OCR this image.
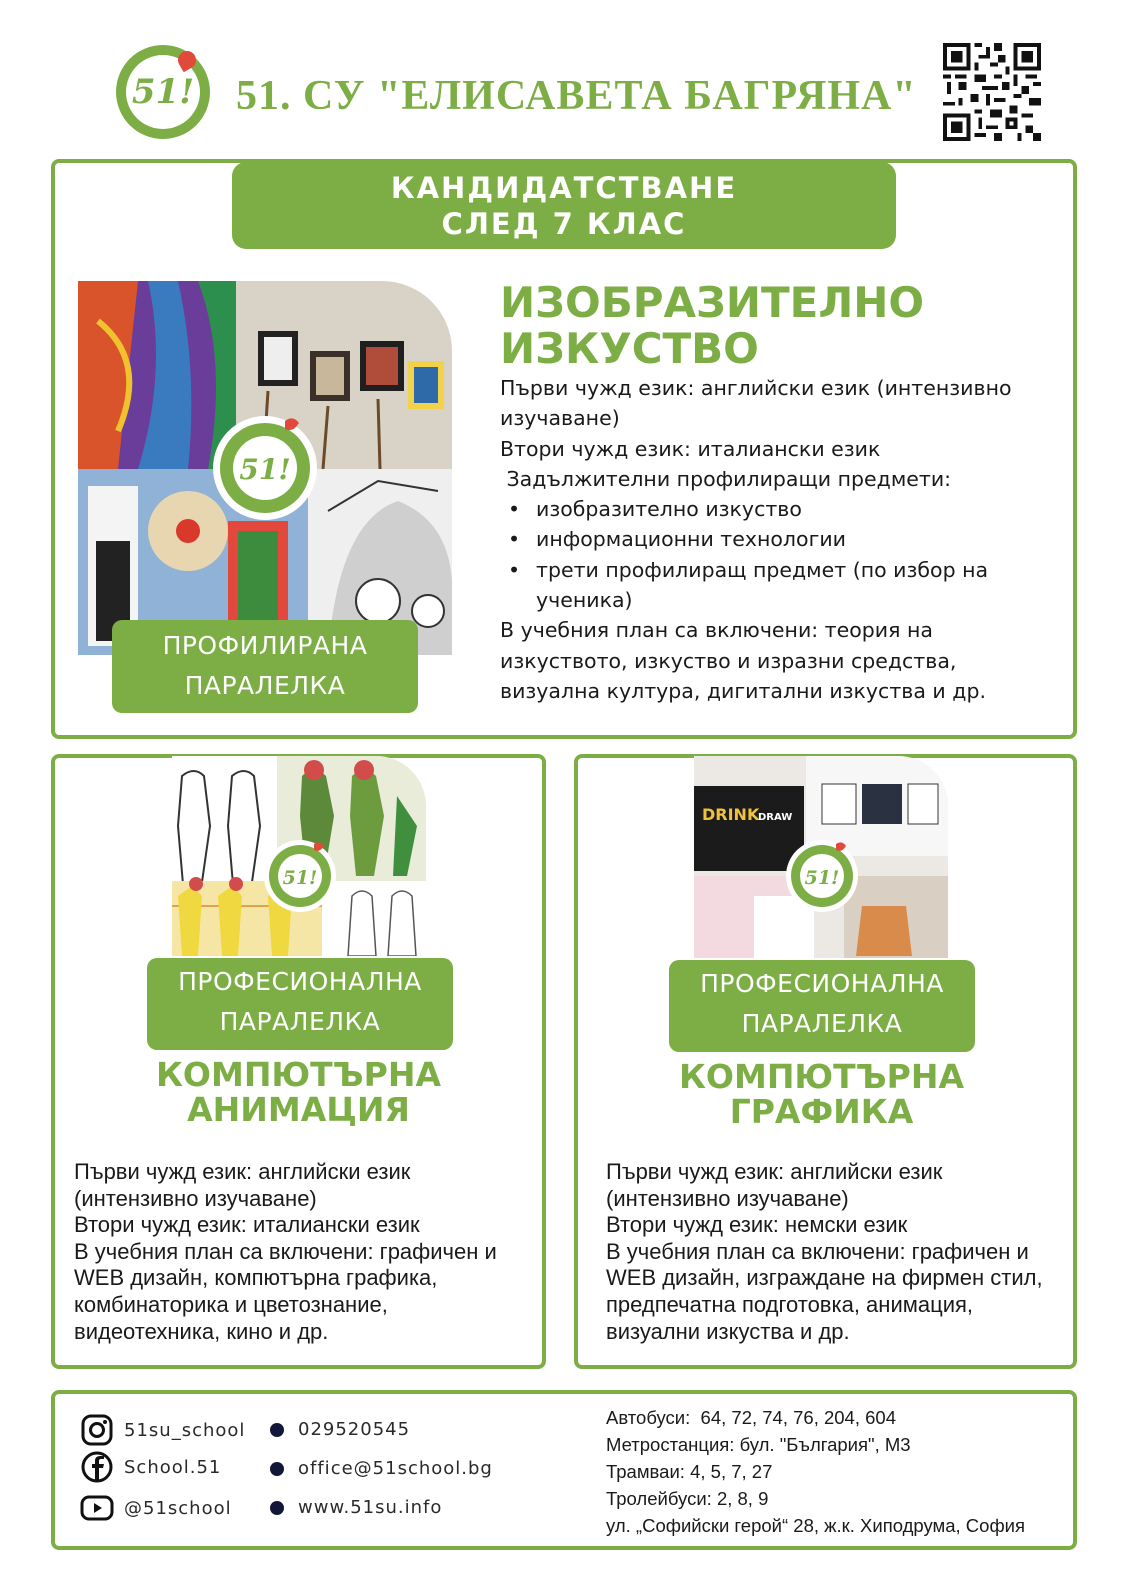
51! 51. СУ "ЕЛИСАВЕТА БАГРЯНА"
КАНДИДАТСТВАНЕ
СЛЕД 7 КЛАС
51!
ПРОФИЛИРАНА
ПАРАЛЕЛКА
ИЗОБРАЗИТЕЛНО
ИЗКУСТВО
Първи чужд език: английски език (интензивно изучаване)
Втори чужд език: италиански език
Задължителни профилиращи предмети:
• изобразително изкуство
• информационни технологии
• трети профилиращ предмет (по избор на ученика)
В учебния план са включени: теория на изкуството, изкуство и изразни средства, визуална култура, дигитални изкуства и др.
51!
ПРОФЕСИОНАЛНА
ПАРАЛЕЛКА
КОМПЮТЪРНА
АНИМАЦИЯ
Първи чужд език: английски език (интензивно изучаване)
Втори чужд език: италиански език
В учебния план са включени: графичен и WEB дизайн, компютърна графика, комбинаторика и цветознание, видеотехника, кино и др.
DRINK
DRAW
51!
ПРОФЕСИОНАЛНА
ПАРАЛЕЛКА
КОМПЮТЪРНА
ГРАФИКА
Първи чужд език: английски език (интензивно изучаване)
Втори чужд език: немски език
В учебния план са включени: графичен и WEB дизайн, изграждане на фирмен стил, предпечатна подготовка, анимация, визуални изкуства и др.
51su_school
School.51
@51school
029520545
office@51school.bg
www.51su.info
Автобуси:  64, 72, 74, 76, 204, 604
Метростанция: бул. "България", М3
Трамваи: 4, 5, 7, 27
Тролейбуси: 2, 8, 9
ул. „Софийски герой“ 28, ж.к. Хиподрума, София
